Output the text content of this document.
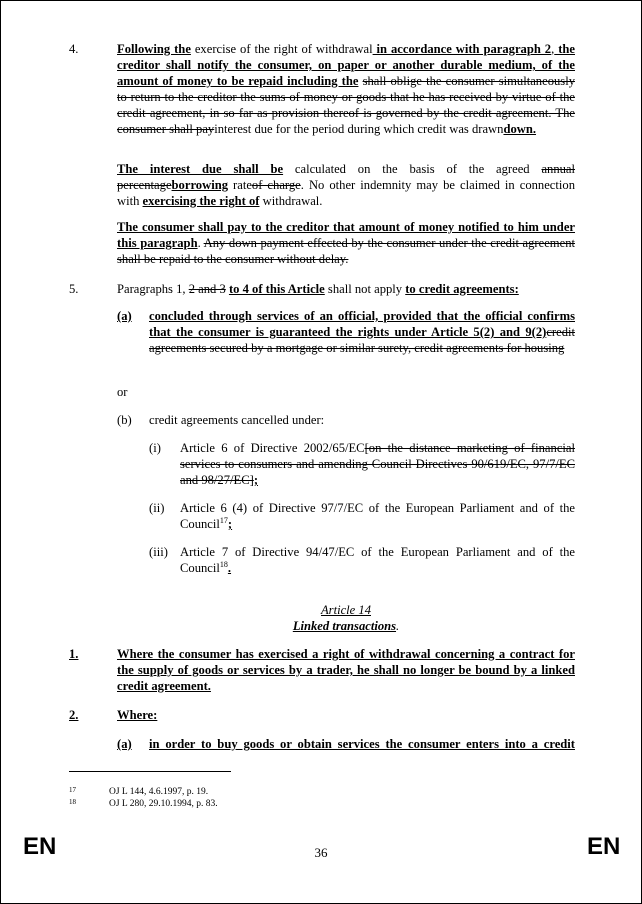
4.	Following the exercise of the right of withdrawal in accordance with paragraph 2, the creditor shall notify the consumer, on paper or another durable medium, of the amount of money to be repaid including the shall oblige the consumer simultaneously to return to the creditor the sums of money or goods that he has received by virtue of the credit agreement, in so far as provision thereof is governed by the credit agreement. The consumer shall payinterest due for the period during which credit was drawndown.

The interest due shall be calculated on the basis of the agreed annual percentageborrowing rateof charge. No other indemnity may be claimed in connection with exercising the right of withdrawal.

The consumer shall pay to the creditor that amount of money notified to him under this paragraph. Any down payment effected by the consumer under the credit agreement shall be repaid to the consumer without delay.

5.	Paragraphs 1, 2 and 3 to 4 of this Article shall not apply to credit agreements:

(a) concluded through services of an official, provided that the official confirms that the consumer is guaranteed the rights under Article 5(2) and 9(2)credit agreements secured by a mortgage or similar surety, credit agreements for housing

or
(b) credit agreements cancelled under:

(i) Article 6 of Directive 2002/65/EC[on the distance marketing of financial services to consumers and amending Council Directives 90/619/EC, 97/7/EC and 98/27/EC];

(ii) Article 6 (4) of Directive 97/7/EC of the European Parliament and of the Council$^{17}$;

(iii) Article 7 of Directive 94/47/EC of the European Parliament and of the Council$^{18}$.

Article 14

Linked transactions.

1.	Where the consumer has exercised a right of withdrawal concerning a contract for the supply of goods or services by a trader, he shall no longer be bound by a linked credit agreement.

2.	Where:

(a) in order to buy goods or obtain services the consumer enters into a credit

17	OJ L 144, 4.6.1997, p. 19.
18	OJ L 280, 29.10.1994, p. 83.
EN	36	EN
